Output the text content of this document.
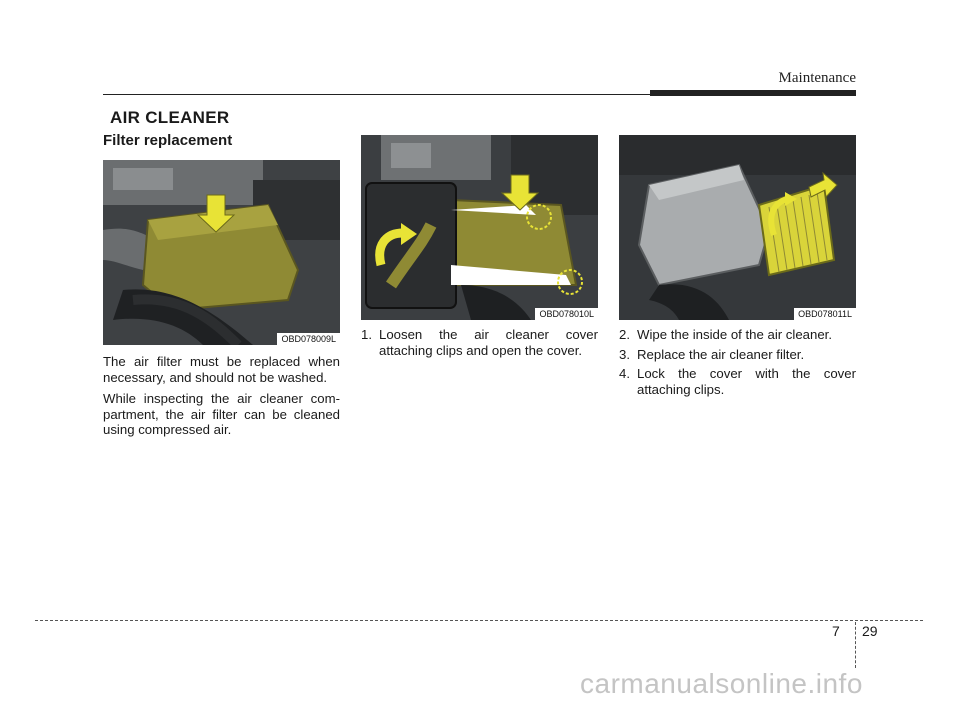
Maintenance
AIR CLEANER
Filter replacement
OBD078009L
The air filter must be replaced when necessary, and should not be washed.
While inspecting the air cleaner com-partment, the air filter can be cleaned using compressed air.
OBD078010L
1. Loosen the air cleaner cover attaching clips and open the cover.
OBD078011L
2. Wipe the inside of the air cleaner.
3. Replace the air cleaner filter.
4. Lock the cover with the cover attaching clips.
7 29
carmanualsonline.info
